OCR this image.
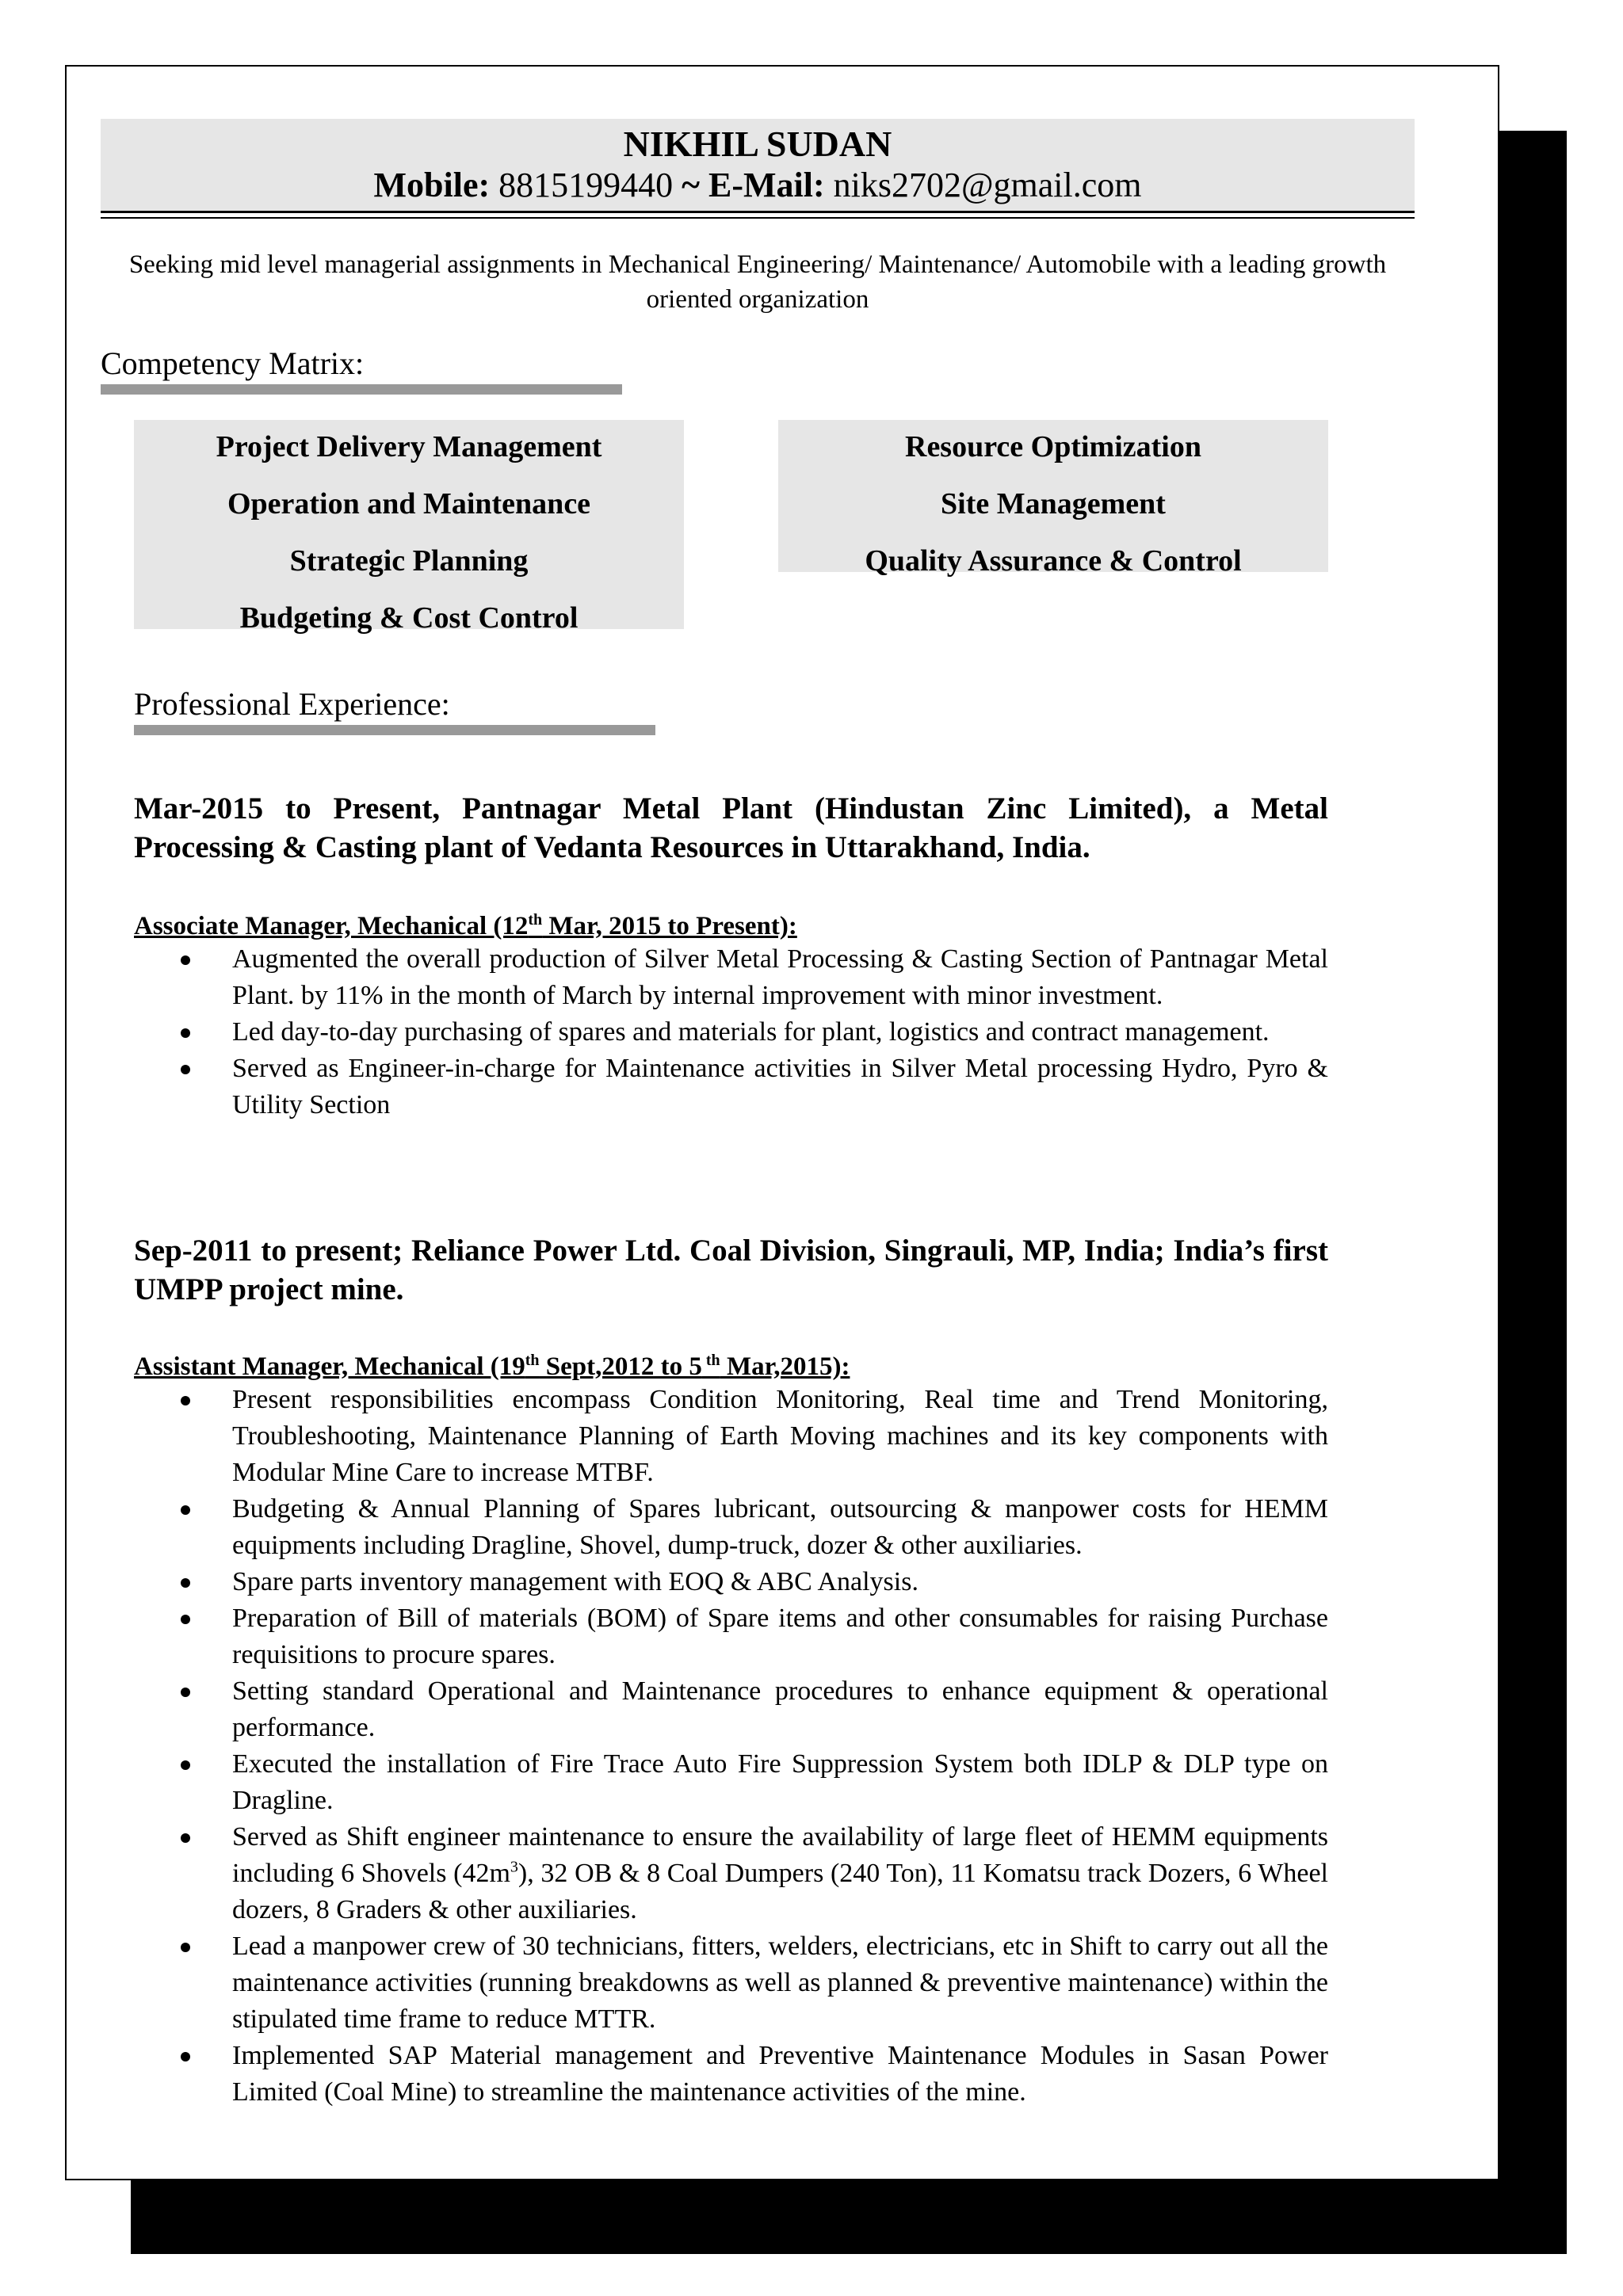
NIKHIL SUDAN
Mobile: 8815199440 ~ E-Mail: niks2702@gmail.com
Seeking mid level managerial assignments in Mechanical Engineering/ Maintenance/ Automobile with a leading growth oriented organization
Competency Matrix:
Project Delivery Management
Operation and Maintenance
Strategic Planning
Budgeting & Cost Control
Resource Optimization
Site Management
Quality Assurance & Control
Professional Experience:
Mar-2015 to Present, Pantnagar Metal Plant (Hindustan Zinc Limited), a Metal Processing & Casting plant of Vedanta Resources in Uttarakhand, India.
Associate Manager, Mechanical (12th Mar, 2015 to Present):
Augmented the overall production of Silver Metal Processing & Casting Section of Pantnagar Metal Plant. by 11% in the month of March by internal improvement with minor investment.
Led day-to-day purchasing of spares and materials for plant, logistics and contract management.
Served as Engineer-in-charge for Maintenance activities in Silver Metal processing Hydro, Pyro & Utility Section
Sep-2011 to present; Reliance Power Ltd. Coal Division, Singrauli, MP, India; India’s first UMPP project mine.
Assistant Manager, Mechanical (19th Sept,2012 to 5 $^{th}$ Mar,2015):
Present responsibilities encompass Condition Monitoring, Real time and Trend Monitoring, Troubleshooting, Maintenance Planning of Earth Moving machines and its key components with Modular Mine Care to increase MTBF.
Budgeting & Annual Planning of Spares lubricant, outsourcing & manpower costs for HEMM equipments including Dragline, Shovel, dump-truck, dozer & other auxiliaries.
Spare parts inventory management with EOQ & ABC Analysis.
Preparation of Bill of materials (BOM) of Spare items and other consumables for raising Purchase requisitions to procure spares.
Setting standard Operational and Maintenance procedures to enhance equipment & operational performance.
Executed the installation of Fire Trace Auto Fire Suppression System both IDLP & DLP type on Dragline.
Served as Shift engineer maintenance to ensure the availability of large fleet of HEMM equipments including 6 Shovels $(42m^3)$, 32 OB & 8 Coal Dumpers (240 Ton), 11 Komatsu track Dozers, 6 Wheel dozers, 8 Graders & other auxiliaries.
Lead a manpower crew of 30 technicians, fitters, welders, electricians, etc in Shift to carry out all the maintenance activities (running breakdowns as well as planned & preventive maintenance) within the stipulated time frame to reduce MTTR.
Implemented SAP Material management and Preventive Maintenance Modules in Sasan Power Limited (Coal Mine) to streamline the maintenance activities of the mine.
